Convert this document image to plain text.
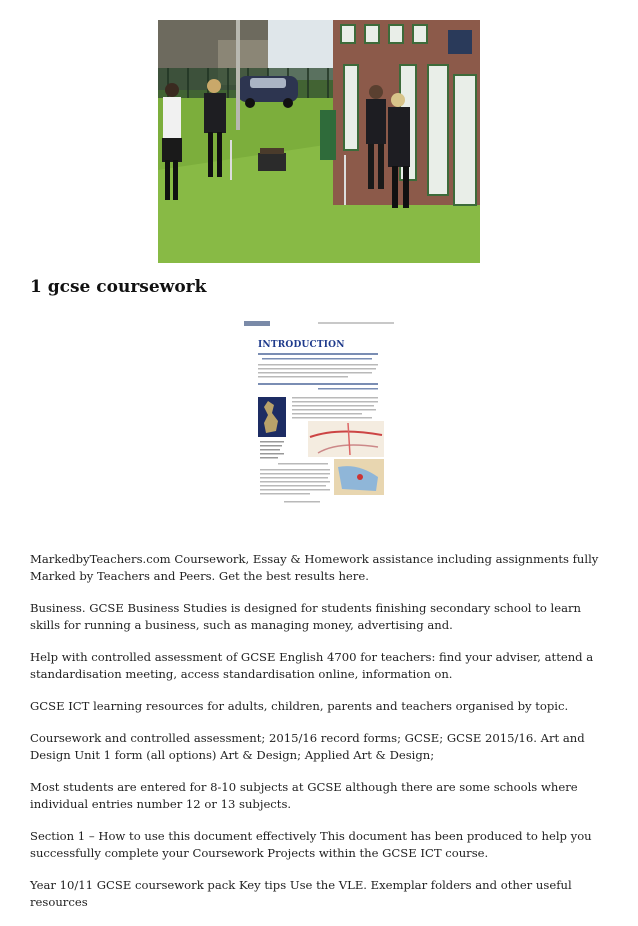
1 gcse coursework
INTRODUCTION

MarkedbyTeachers.com Coursework, Essay & Homework assistance including assignments fully Marked by Teachers and Peers. Get the best results here.

Business. GCSE Business Studies is designed for students finishing secondary school to learn skills for running a business, such as managing money, advertising and.

Help with controlled assessment of GCSE English 4700 for teachers: find your adviser, attend a standardisation meeting, access standardisation online, information on.

GCSE ICT learning resources for adults, children, parents and teachers organised by topic.

Coursework and controlled assessment; 2015/16 record forms; GCSE; GCSE 2015/16. Art and Design Unit 1 form (all options) Art & Design; Applied Art & Design;

Most students are entered for 8-10 subjects at GCSE although there are some schools where individual entries number 12 or 13 subjects.

Section 1 – How to use this document effectively This document has been produced to help you successfully complete your Coursework Projects within the GCSE ICT course.

Year 10/11 GCSE coursework pack Key tips Use the VLE. Exemplar folders and other useful resources
